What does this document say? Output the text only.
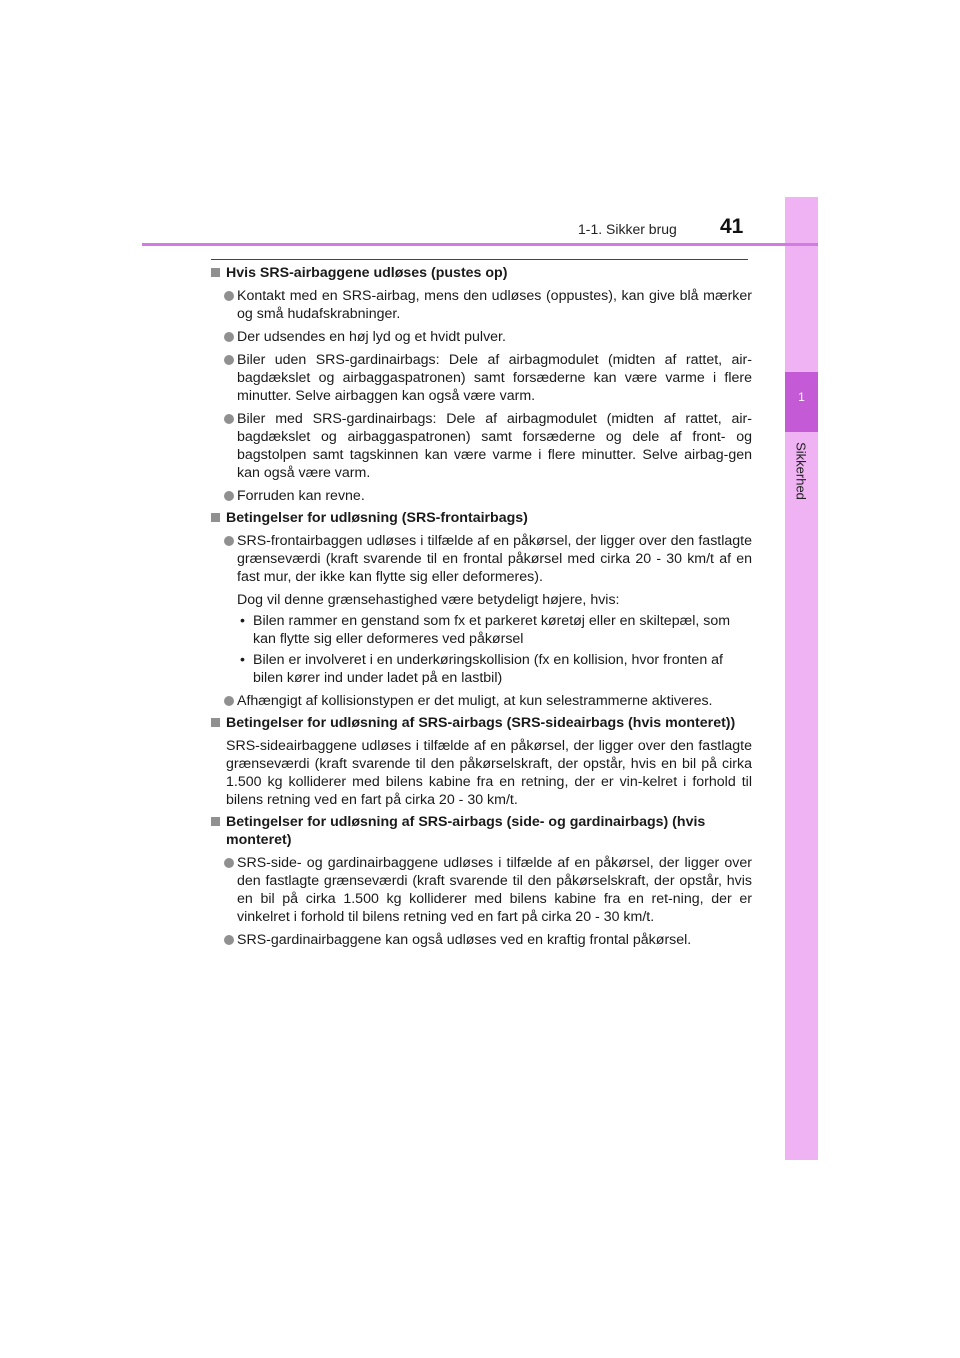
1
Sikkerhed
1-1. Sikker brug 41
Hvis SRS-airbaggene udløses (pustes op)
Kontakt med en SRS-airbag, mens den udløses (oppustes), kan give blå mærker og små hudafskrabninger.
Der udsendes en høj lyd og et hvidt pulver.
Biler uden SRS-gardinairbags: Dele af airbagmodulet (midten af rattet, air-bagdækslet og airbaggaspatronen) samt forsæderne kan være varme i flere minutter. Selve airbaggen kan også være varm.
Biler med SRS-gardinairbags: Dele af airbagmodulet (midten af rattet, air-bagdækslet og airbaggaspatronen) samt forsæderne og dele af front- og bagstolpen samt tagskinnen kan være varme i flere minutter. Selve airbag-gen kan også være varm.
Forruden kan revne.
Betingelser for udløsning (SRS-frontairbags)
SRS-frontairbaggen udløses i tilfælde af en påkørsel, der ligger over den fastlagte grænseværdi (kraft svarende til en frontal påkørsel med cirka 20 - 30 km/t af en fast mur, der ikke kan flytte sig eller deformeres).
Dog vil denne grænsehastighed være betydeligt højere, hvis:
• Bilen rammer en genstand som fx et parkeret køretøj eller en skiltepæl, som kan flytte sig eller deformeres ved påkørsel
• Bilen er involveret i en underkøringskollision (fx en kollision, hvor fronten af bilen kører ind under ladet på en lastbil)
Afhængigt af kollisionstypen er det muligt, at kun selestrammerne aktiveres.
Betingelser for udløsning af SRS-airbags (SRS-sideairbags (hvis monteret))
SRS-sideairbaggene udløses i tilfælde af en påkørsel, der ligger over den fastlagte grænseværdi (kraft svarende til den påkørselskraft, der opstår, hvis en bil på cirka 1.500 kg kolliderer med bilens kabine fra en retning, der er vin-kelret i forhold til bilens retning ved en fart på cirka 20 - 30 km/t.
Betingelser for udløsning af SRS-airbags (side- og gardinairbags) (hvis monteret)
SRS-side- og gardinairbaggene udløses i tilfælde af en påkørsel, der ligger over den fastlagte grænseværdi (kraft svarende til den påkørselskraft, der opstår, hvis en bil på cirka 1.500 kg kolliderer med bilens kabine fra en ret-ning, der er vinkelret i forhold til bilens retning ved en fart på cirka 20 - 30 km/t.
SRS-gardinairbaggene kan også udløses ved en kraftig frontal påkørsel.
